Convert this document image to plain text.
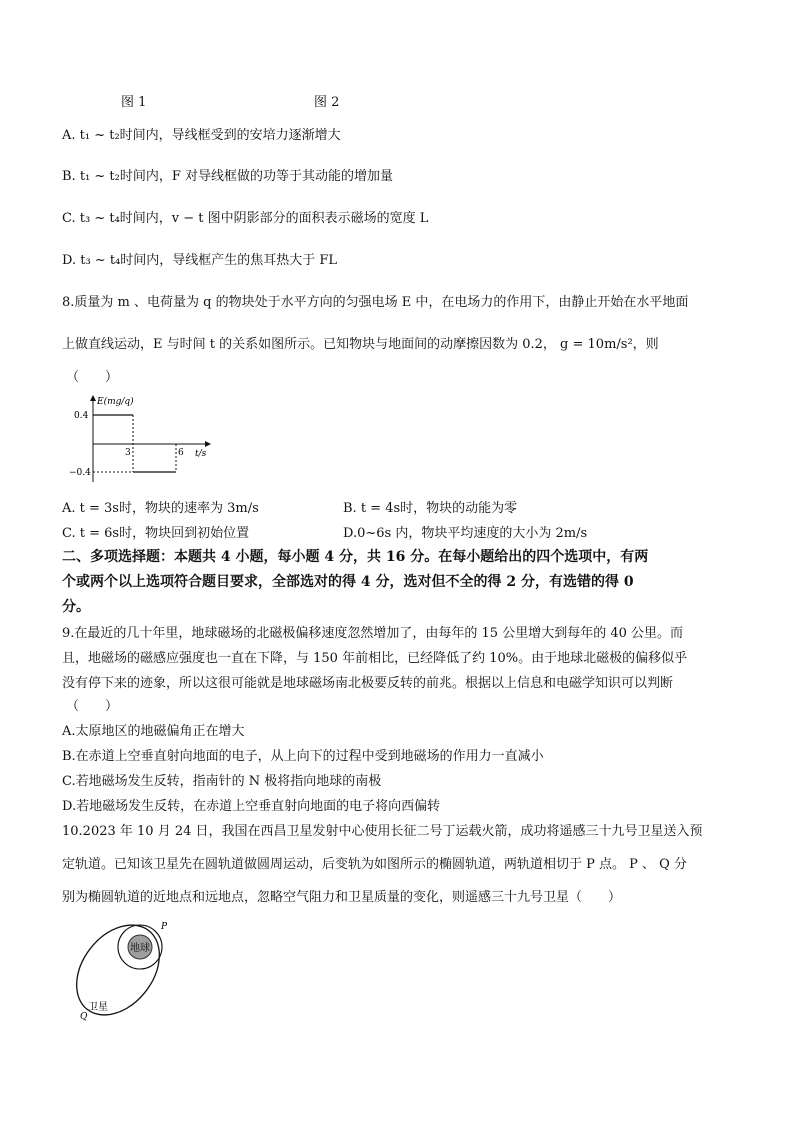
图 1	图 2
A. t₁ ~ t₂时间内，导线框受到的安培力逐渐增大
B. t₁ ~ t₂时间内，F 对导线框做的功等于其动能的增加量
C. t₃ ~ t₄时间内，v − t 图中阴影部分的面积表示磁场的宽度 L
D. t₃ ~ t₄时间内，导线框产生的焦耳热大于 FL
8.质量为 m 、电荷量为 q 的物块处于水平方向的匀强电场 E 中，在电场力的作用下，由静止开始在水平地面
上做直线运动，E 与时间 t 的关系如图所示。已知物块与地面间的动摩擦因数为 0.2， g = 10m/s²，则
（　　）
E(mg/q)
t/s
0.4
−0.4
3	6
A. t = 3s时，物块的速率为 3m/s	B. t = 4s时，物块的动能为零
C. t = 6s时，物块回到初始位置	D.0~6s 内，物块平均速度的大小为 2m/s
二、多项选择题：本题共 4 小题，每小题 4 分，共 16 分。在每小题给出的四个选项中，有两
个或两个以上选项符合题目要求，全部选对的得 4 分，选对但不全的得 2 分，有选错的得 0
分。
9.在最近的几十年里，地球磁场的北磁极偏移速度忽然增加了，由每年的 15 公里增大到每年的 40 公里。而
且，地磁场的磁感应强度也一直在下降，与 150 年前相比，已经降低了约 10%。由于地球北磁极的偏移似乎
没有停下来的迹象，所以这很可能就是地球磁场南北极要反转的前兆。根据以上信息和电磁学知识可以判断
（　　）
A.太原地区的地磁偏角正在增大
B.在赤道上空垂直射向地面的电子，从上向下的过程中受到地磁场的作用力一直减小
C.若地磁场发生反转，指南针的 N 极将指向地球的南极
D.若地磁场发生反转，在赤道上空垂直射向地面的电子将向西偏转
10.2023 年 10 月 24 日，我国在西昌卫星发射中心使用长征二号丁运载火箭，成功将遥感三十九号卫星送入预
定轨道。已知该卫星先在圆轨道做圆周运动，后变轨为如图所示的椭圆轨道，两轨道相切于 P 点。 P 、 Q 分
别为椭圆轨道的近地点和远地点，忽略空气阻力和卫星质量的变化，则遥感三十九号卫星（　　）
地球
P
Q
卫星
